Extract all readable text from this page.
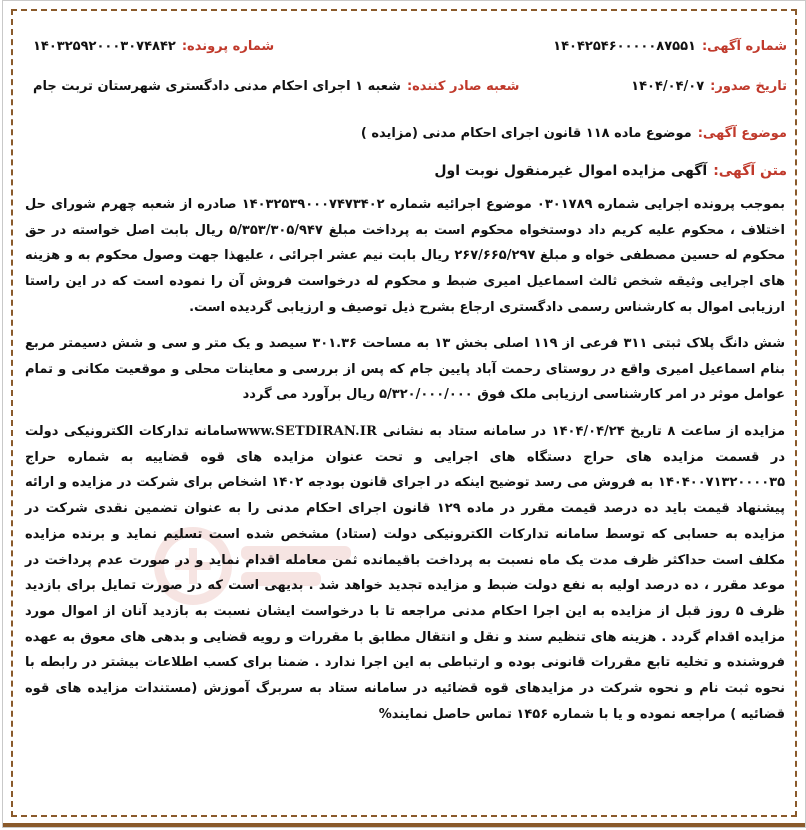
شماره آگهی:
۱۴۰۴۲۵۴۶۰۰۰۰۰۸۷۵۵۱
شماره پرونده:
۱۴۰۳۲۵۹۲۰۰۰۳۰۷۴۸۴۲
تاریخ صدور:
۱۴۰۴/۰۴/۰۷
شعبه صادر کننده:
شعبه ۱ اجرای احکام مدنی دادگستری شهرستان تربت جام
موضوع آگهی:
موضوع ماده ۱۱۸ قانون اجرای احکام مدنی (مزایده )
متن آگهی:
آگهی مزایده اموال غیرمنقول نوبت اول

بموجب پرونده اجرایی شماره ۰۳۰۱۷۸۹ موضوع اجرائیه شماره ۱۴۰۳۲۵۳۹۰۰۰۷۴۷۳۴۰۲ صادره از شعبه چهرم شورای حل اختلاف ، محکوم علیه کریم داد دوستخواه محکوم است به پرداخت مبلغ ۵/۳۵۳/۳۰۵/۹۴۷ ریال بابت اصل خواسته در حق محکوم له حسین مصطفی خواه و مبلغ ۲۶۷/۶۶۵/۲۹۷ ریال بابت نیم عشر اجرائی ، علیهذا جهت وصول محکوم به و هزینه های اجرایی وثیقه شخص ثالث اسماعیل امیری ضبط و محکوم له درخواست فروش آن را نموده است که در این راستا ارزیابی اموال به کارشناس رسمی دادگستری ارجاع بشرح ذیل توصیف و ارزیابی گردیده است.

شش دانگ پلاک ثبتی ۳۱۱ فرعی از ۱۱۹ اصلی بخش ۱۳ به مساحت ۳۰۱.۳۶ سیصد و یک متر و سی و شش دسیمتر مربع بنام اسماعیل امیری واقع در روستای رحمت آباد پایین جام که پس از بررسی و معاینات محلی و موقعیت مکانی و تمام عوامل موثر در امر کارشناسی ارزیابی ملک فوق ۵/۳۲۰/۰۰۰/۰۰۰ ریال برآورد می گردد

مزایده از ساعت ۸ تاریخ ۱۴۰۴/۰۴/۲۴ در سامانه ستاد به نشانی www.SETDIRAN.IRسامانه تدارکات الکترونیکی دولت در قسمت مزایده های حراج دستگاه های اجرایی و تحت عنوان مزایده های قوه قضاییه به شماره حراج ۱۴۰۴۰۰۷۱۳۲۰۰۰۰۳۵ به فروش می رسد توضیح اینکه در اجرای قانون بودجه ۱۴۰۲ اشخاص برای شرکت در مزایده و ارائه پیشنهاد قیمت باید ده درصد قیمت مقرر در ماده ۱۲۹ قانون اجرای احکام مدنی را به عنوان تضمین نقدی شرکت در مزایده به حسابی که توسط سامانه تدارکات الکترونیکی دولت (ستاد) مشخص شده است تسلیم نماید و برنده مزایده مکلف است حداکثر ظرف مدت یک ماه نسبت به پرداخت باقیمانده ثمن معامله اقدام نماید و در صورت عدم پرداخت در موعد مقرر ، ده درصد اولیه به نفع دولت ضبط و مزایده تجدید خواهد شد . بدیهی است که در صورت تمایل برای بازدید ظرف ۵ روز قبل از مزایده به این اجرا احکام مدنی مراجعه تا با درخواست ایشان نسبت به بازدید آنان از اموال مورد مزایده اقدام گردد . هزینه های تنظیم سند و نقل و انتقال مطابق با مقررات و رویه قضایی و بدهی های معوق به عهده فروشنده و تخلیه تابع مقررات قانونی بوده و ارتباطی به این اجرا ندارد . ضمنا برای کسب اطلاعات بیشتر در رابطه با نحوه ثبت نام و نحوه شرکت در مزایدهای قوه قضائیه در سامانه ستاد به سربرگ آموزش (مستندات مزایده های قوه قضائیه ) مراجعه نموده و یا با شماره ۱۴۵۶ تماس حاصل نمایند%
